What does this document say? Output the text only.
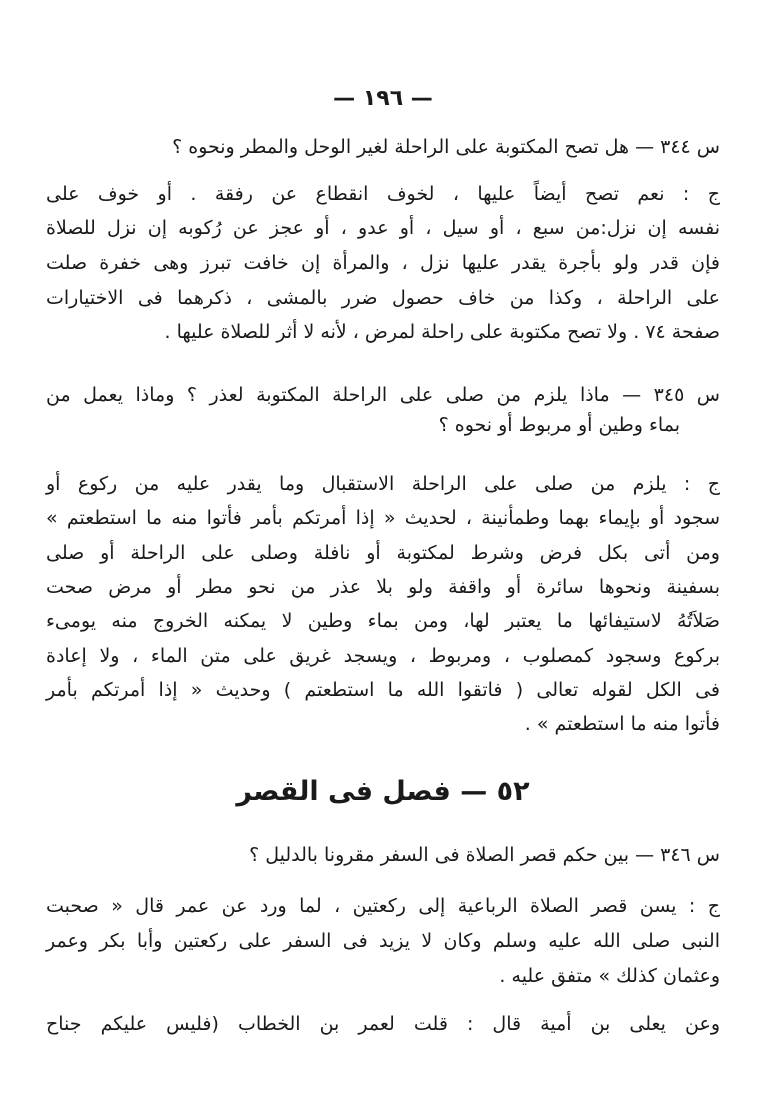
— ١٩٦ —
س ٣٤٤ — هل تصح المكتوبة على الراحلة لغير الوحل والمطر ونحوه ؟
ج : نعم تصح أيضاً عليها ، لخوف انقطاع عن رفقة . أو خوف على
نفسه إن نزل:من سبع ، أو سيل ، أو عدو ، أو عجز عن رُكوبه إن نزل للصلاة
فإن قدر ولو بأجرة يقدر عليها نزل ، والمرأة إن خافت تبرز وهى خفرة صلت
على الراحلة ، وكذا من خاف حصول ضرر بالمشى ، ذكرهما فى الاختيارات
صفحة ٧٤ . ولا تصح مكتوبة على راحلة لمرض ، لأنه لا أثر للصلاة عليها .
س ٣٤٥ — ماذا يلزم من صلى على الراحلة المكتوبة لعذر ؟ وماذا يعمل من
بماء وطين أو مربوط أو نحوه ؟
ج : يلزم من صلى على الراحلة الاستقبال وما يقدر عليه من ركوع أو
سجود أو بإيماء بهما وطمأنينة ، لحديث « إذا أمرتكم بأمر فأتوا منه ما استطعتم »
ومن أتى بكل فرض وشرط لمكتوبة أو نافلة وصلى على الراحلة أو صلى
بسفينة ونحوها سائرة أو واقفة ولو بلا عذر من نحو مطر أو مرض صحت
صَلاَتُهُ لاستيفائها ما يعتبر لها، ومن بماء وطين لا يمكنه الخروج منه يومىء
بركوع وسجود كمصلوب ، ومربوط ، ويسجد غريق على متن الماء ، ولا إعادة
فى الكل لقوله تعالى ( فاتقوا الله ما استطعتم ) وحديث « إذا أمرتكم بأمر
فأتوا منه ما استطعتم » .
٥٢ — فصل فى القصر
س ٣٤٦ — بين حكم قصر الصلاة فى السفر مقرونا بالدليل ؟
ج : يسن قصر الصلاة الرباعية إلى ركعتين ، لما ورد عن عمر قال « صحبت
النبى صلى الله عليه وسلم وكان لا يزيد فى السفر على ركعتين وأبا بكر وعمر
وعثمان كذلك » متفق عليه .
وعن يعلى بن أمية قال : قلت لعمر بن الخطاب (فليس عليكم جناح
